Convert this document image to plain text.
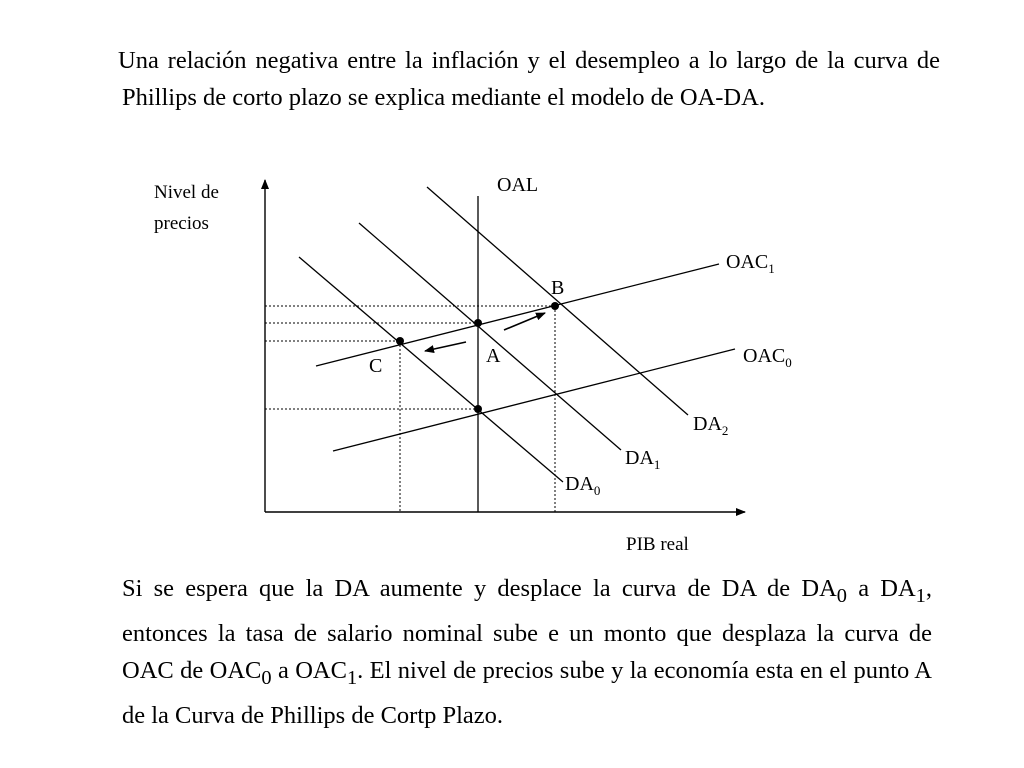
Una relación negativa entre la inflación y el desempleo a lo largo de la curva de Phillips de corto plazo se explica mediante el modelo de OA-DA.

Nivel de
precios
PIB real
OAL
$OAC_1$
$OAC_0$
$DA_2$
$DA_1$
$DA_0$
B
A
C

Si se espera que la DA aumente y desplace la curva de DA de $DA_0$ a $DA_1$, entonces la tasa de salario nominal sube e un monto que desplaza la curva de OAC de $OAC_0$ a $OAC_1$. El nivel de precios sube y la economía esta en el punto A de la Curva de Phillips de Cortp Plazo.
